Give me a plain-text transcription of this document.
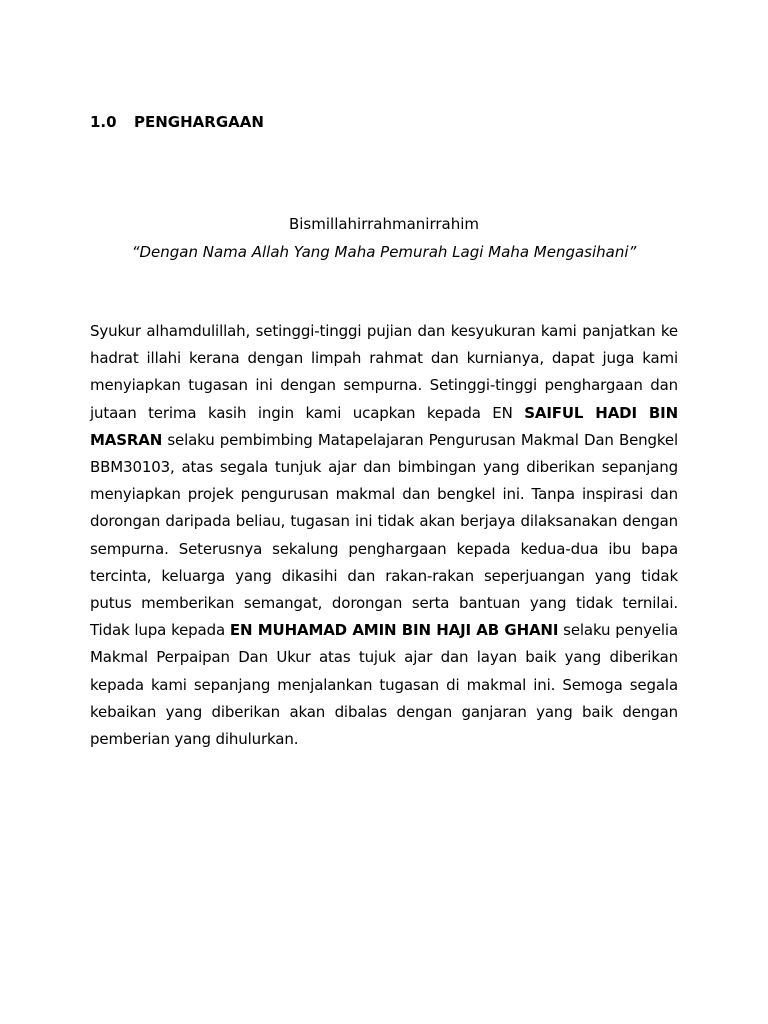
1.0 PENGHARGAAN
Bismillahirrahmanirrahim
“Dengan Nama Allah Yang Maha Pemurah Lagi Maha Mengasihani”

Syukur alhamdulillah, setinggi-tinggi pujian dan kesyukuran kami panjatkan ke hadrat illahi kerana dengan limpah rahmat dan kurnianya, dapat juga kami menyiapkan tugasan ini dengan sempurna. Setinggi-tinggi penghargaan dan jutaan terima kasih ingin kami ucapkan kepada EN SAIFUL HADI BIN MASRAN selaku pembimbing Matapelajaran Pengurusan Makmal Dan Bengkel BBM30103, atas segala tunjuk ajar dan bimbingan yang diberikan sepanjang menyiapkan projek pengurusan makmal dan bengkel ini. Tanpa inspirasi dan dorongan daripada beliau, tugasan ini tidak akan berjaya dilaksanakan dengan sempurna. Seterusnya sekalung penghargaan kepada kedua-dua ibu bapa tercinta, keluarga yang dikasihi dan rakan-rakan seperjuangan yang tidak putus memberikan semangat, dorongan serta bantuan yang tidak ternilai. Tidak lupa kepada EN MUHAMAD AMIN BIN HAJI AB GHANI selaku penyelia Makmal Perpaipan Dan Ukur atas tujuk ajar dan layan baik yang diberikan kepada kami sepanjang menjalankan tugasan di makmal ini. Semoga segala kebaikan yang diberikan akan dibalas dengan ganjaran yang baik dengan pemberian yang dihulurkan.
